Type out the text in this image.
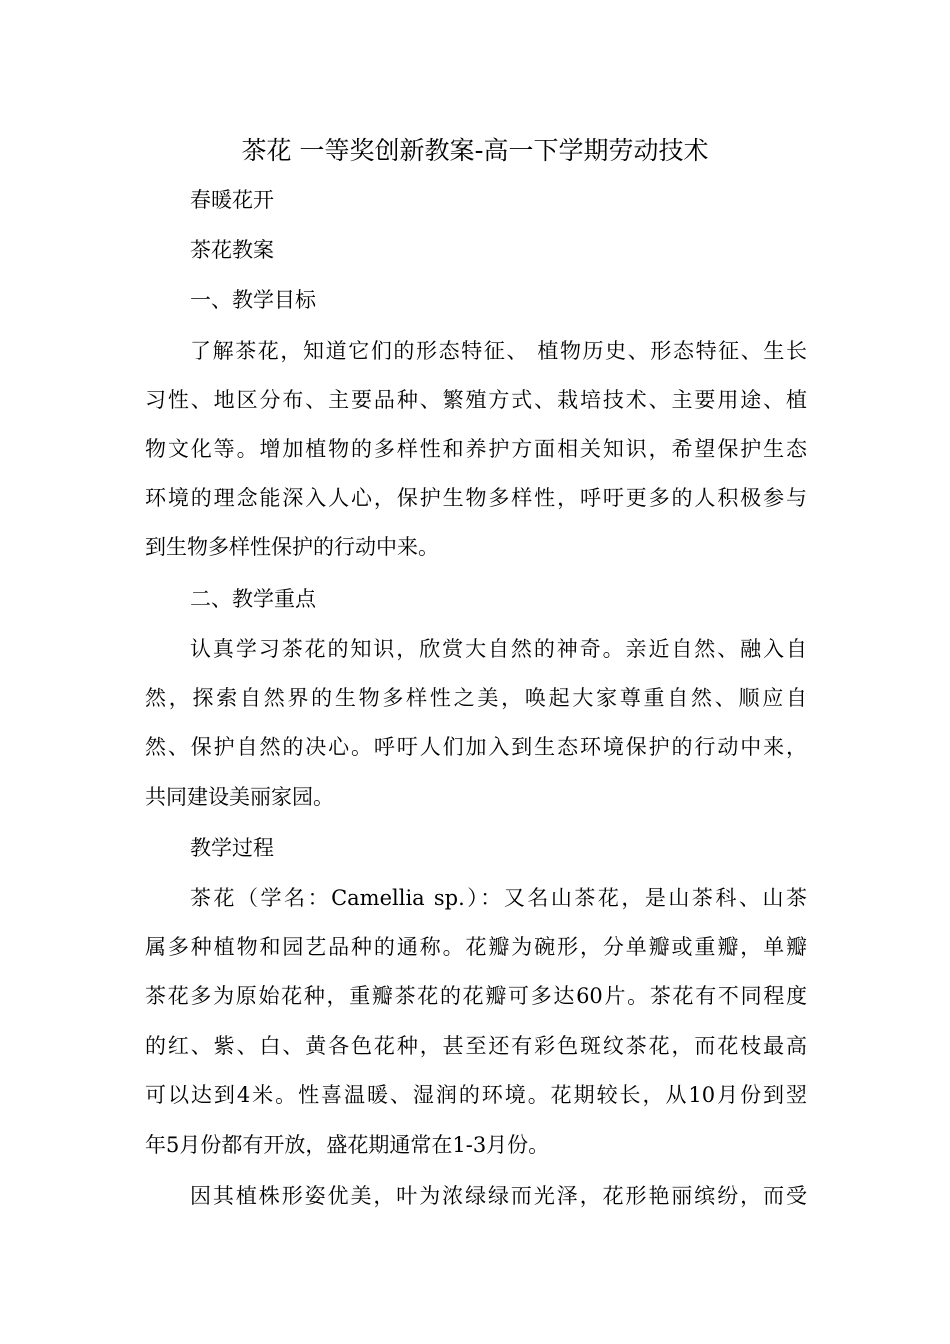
茶花 一等奖创新教案-高一下学期劳动技术
春暖花开
茶花教案
一、教学目标
了解茶花，知道它们的形态特征、 植物历史、形态特征、生长
习性、地区分布、主要品种、繁殖方式、栽培技术、主要用途、植
物文化等。增加植物的多样性和养护方面相关知识，希望保护生态
环境的理念能深入人心，保护生物多样性，呼吁更多的人积极参与
到生物多样性保护的行动中来。
二、教学重点
认真学习茶花的知识，欣赏大自然的神奇。亲近自然、融入自
然，探索自然界的生物多样性之美，唤起大家尊重自然、顺应自
然、保护自然的决心。呼吁人们加入到生态环境保护的行动中来，
共同建设美丽家园。
教学过程
茶花（学名：Camellia sp.）：又名山茶花，是山茶科、山茶
属多种植物和园艺品种的通称。花瓣为碗形，分单瓣或重瓣，单瓣
茶花多为原始花种，重瓣茶花的花瓣可多达60片。茶花有不同程度
的红、紫、白、黄各色花种，甚至还有彩色斑纹茶花，而花枝最高
可以达到4米。性喜温暖、湿润的环境。花期较长，从10月份到翌
年5月份都有开放，盛花期通常在1-3月份。
因其植株形姿优美，叶为浓绿绿而光泽，花形艳丽缤纷，而受
